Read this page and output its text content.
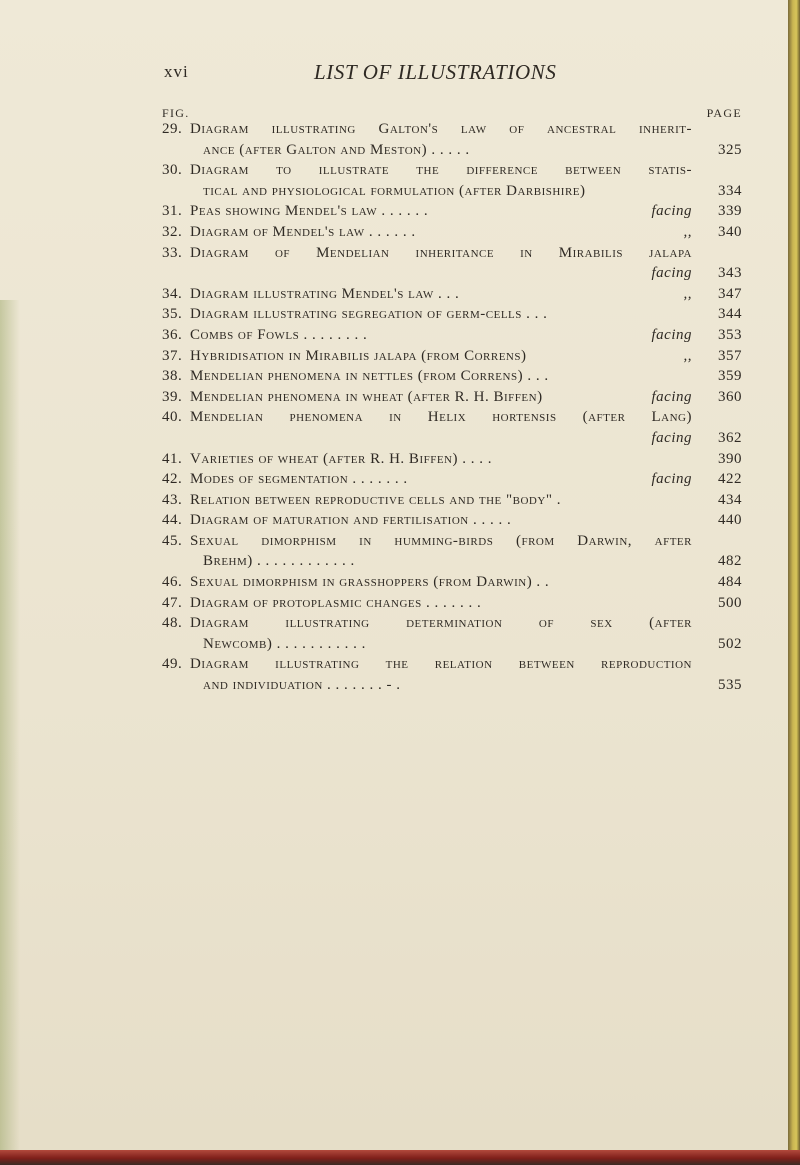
xvi	LIST OF ILLUSTRATIONS
FIG.	PAGE
29. Diagram illustrating Galton's law of ancestral inherit-
ance (after Galton and Meston) . . . . .	325
30. Diagram to illustrate the difference between statis-
tical and physiological formulation (after Darbishire)	334
31. Peas showing Mendel's law . . . . . .	facing	339
32. Diagram of Mendel's law . . . . . .	,,	340
33. Diagram of Mendelian inheritance in Mirabilis jalapa
facing	343
34. Diagram illustrating Mendel's law . . .	,,	347
35. Diagram illustrating segregation of germ-cells . . .	344
36. Combs of Fowls . . . . . . . .	facing	353
37. Hybridisation in Mirabilis jalapa (from Correns)	,,	357
38. Mendelian phenomena in nettles (from Correns) . . .	359
39. Mendelian phenomena in wheat (after R. H. Biffen)	facing	360
40. Mendelian phenomena in Helix hortensis (after Lang)
facing	362
41. Varieties of wheat (after R. H. Biffen) . . . .	390
42. Modes of segmentation . . . . . . .	facing	422
43. Relation between reproductive cells and the "body" .	434
44. Diagram of maturation and fertilisation . . . . .	440
45. Sexual dimorphism in humming-birds (from Darwin, after
Brehm) . . . . . . . . . . . .	482
46. Sexual dimorphism in grasshoppers (from Darwin) . .	484
47. Diagram of protoplasmic changes . . . . . . .	500
48. Diagram illustrating determination of sex (after
Newcomb) . . . . . . . . . . .	502
49. Diagram illustrating the relation between reproduction
and individuation . . . . . . . - .	535
